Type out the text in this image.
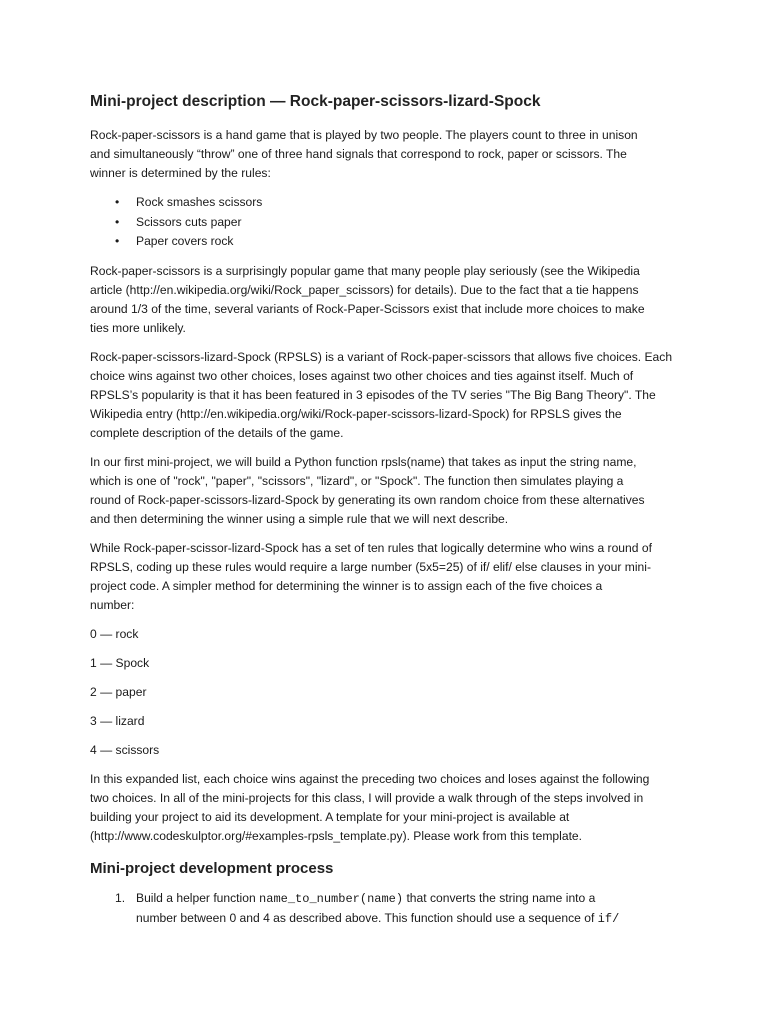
Mini-project description — Rock-paper-scissors-lizard-Spock

Rock-paper-scissors is a hand game that is played by two people. The players count to three in unison
and simultaneously “throw” one of three hand signals that correspond to rock, paper or scissors. The
winner is determined by the rules:

• Rock smashes scissors
• Scissors cuts paper
• Paper covers rock

Rock-paper-scissors is a surprisingly popular game that many people play seriously (see the Wikipedia
article (http://en.wikipedia.org/wiki/Rock_paper_scissors) for details). Due to the fact that a tie happens
around 1/3 of the time, several variants of Rock-Paper-Scissors exist that include more choices to make
ties more unlikely.

Rock-paper-scissors-lizard-Spock (RPSLS) is a variant of Rock-paper-scissors that allows five choices. Each
choice wins against two other choices, loses against two other choices and ties against itself. Much of
RPSLS’s popularity is that it has been featured in 3 episodes of the TV series "The Big Bang Theory". The
Wikipedia entry (http://en.wikipedia.org/wiki/Rock-paper-scissors-lizard-Spock) for RPSLS gives the
complete description of the details of the game.

In our first mini-project, we will build a Python function rpsls(name) that takes as input the string name,
which is one of "rock", "paper", "scissors", "lizard", or "Spock". The function then simulates playing a
round of Rock-paper-scissors-lizard-Spock by generating its own random choice from these alternatives
and then determining the winner using a simple rule that we will next describe.

While Rock-paper-scissor-lizard-Spock has a set of ten rules that logically determine who wins a round of
RPSLS, coding up these rules would require a large number (5x5=25) of if/ elif/ else clauses in your mini-
project code. A simpler method for determining the winner is to assign each of the five choices a
number:

0 — rock
1 — Spock
2 — paper
3 — lizard
4 — scissors

In this expanded list, each choice wins against the preceding two choices and loses against the following
two choices. In all of the mini-projects for this class, I will provide a walk through of the steps involved in
building your project to aid its development. A template for your mini-project is available at
(http://www.codeskulptor.org/#examples-rpsls_template.py). Please work from this template.

Mini-project development process
1. Build a helper function name_to_number(name) that converts the string name into a
number between 0 and 4 as described above. This function should use a sequence of if/
